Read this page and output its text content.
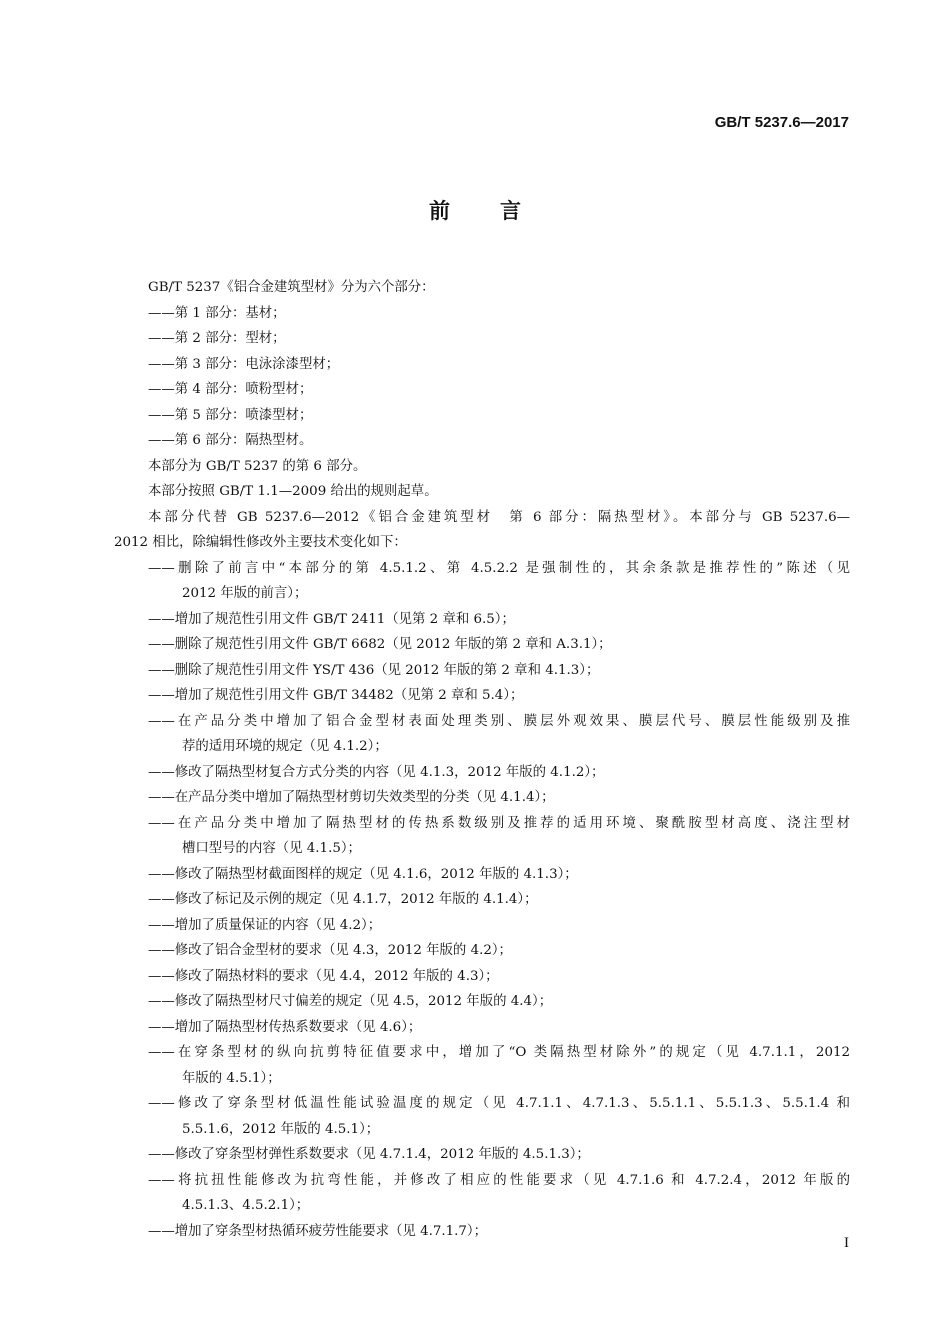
GB/T 5237.6—2017
前言
GB/T 5237《铝合金建筑型材》分为六个部分：
——第 1 部分：基材；
——第 2 部分：型材；
——第 3 部分：电泳涂漆型材；
——第 4 部分：喷粉型材；
——第 5 部分：喷漆型材；
——第 6 部分：隔热型材。
本部分为 GB/T 5237 的第 6 部分。
本部分按照 GB/T 1.1—2009 给出的规则起草。
本部分代替 GB 5237.6—2012《铝合金建筑型材　第 6 部分：隔热型材》。本部分与 GB 5237.6—
2012 相比，除编辑性修改外主要技术变化如下：
——删除了前言中“本部分的第 4.5.1.2、第 4.5.2.2 是强制性的，其余条款是推荐性的”陈述（见
2012 年版的前言）；
——增加了规范性引用文件 GB/T 2411（见第 2 章和 6.5）；
——删除了规范性引用文件 GB/T 6682（见 2012 年版的第 2 章和 A.3.1）；
——删除了规范性引用文件 YS/T 436（见 2012 年版的第 2 章和 4.1.3）；
——增加了规范性引用文件 GB/T 34482（见第 2 章和 5.4）；
——在产品分类中增加了铝合金型材表面处理类别、膜层外观效果、膜层代号、膜层性能级别及推
荐的适用环境的规定（见 4.1.2）；
——修改了隔热型材复合方式分类的内容（见 4.1.3，2012 年版的 4.1.2）；
——在产品分类中增加了隔热型材剪切失效类型的分类（见 4.1.4）；
——在产品分类中增加了隔热型材的传热系数级别及推荐的适用环境、聚酰胺型材高度、浇注型材
槽口型号的内容（见 4.1.5）；
——修改了隔热型材截面图样的规定（见 4.1.6，2012 年版的 4.1.3）；
——修改了标记及示例的规定（见 4.1.7，2012 年版的 4.1.4）；
——增加了质量保证的内容（见 4.2）；
——修改了铝合金型材的要求（见 4.3，2012 年版的 4.2）；
——修改了隔热材料的要求（见 4.4，2012 年版的 4.3）；
——修改了隔热型材尺寸偏差的规定（见 4.5，2012 年版的 4.4）；
——增加了隔热型材传热系数要求（见 4.6）；
——在穿条型材的纵向抗剪特征值要求中，增加了“O 类隔热型材除外”的规定（见 4.7.1.1，2012
年版的 4.5.1）；
——修改了穿条型材低温性能试验温度的规定（见 4.7.1.1、4.7.1.3、5.5.1.1、5.5.1.3、5.5.1.4 和
5.5.1.6，2012 年版的 4.5.1）；
——修改了穿条型材弹性系数要求（见 4.7.1.4，2012 年版的 4.5.1.3）；
——将抗扭性能修改为抗弯性能，并修改了相应的性能要求（见 4.7.1.6 和 4.7.2.4，2012 年版的
4.5.1.3、4.5.2.1）；
——增加了穿条型材热循环疲劳性能要求（见 4.7.1.7）；
I
